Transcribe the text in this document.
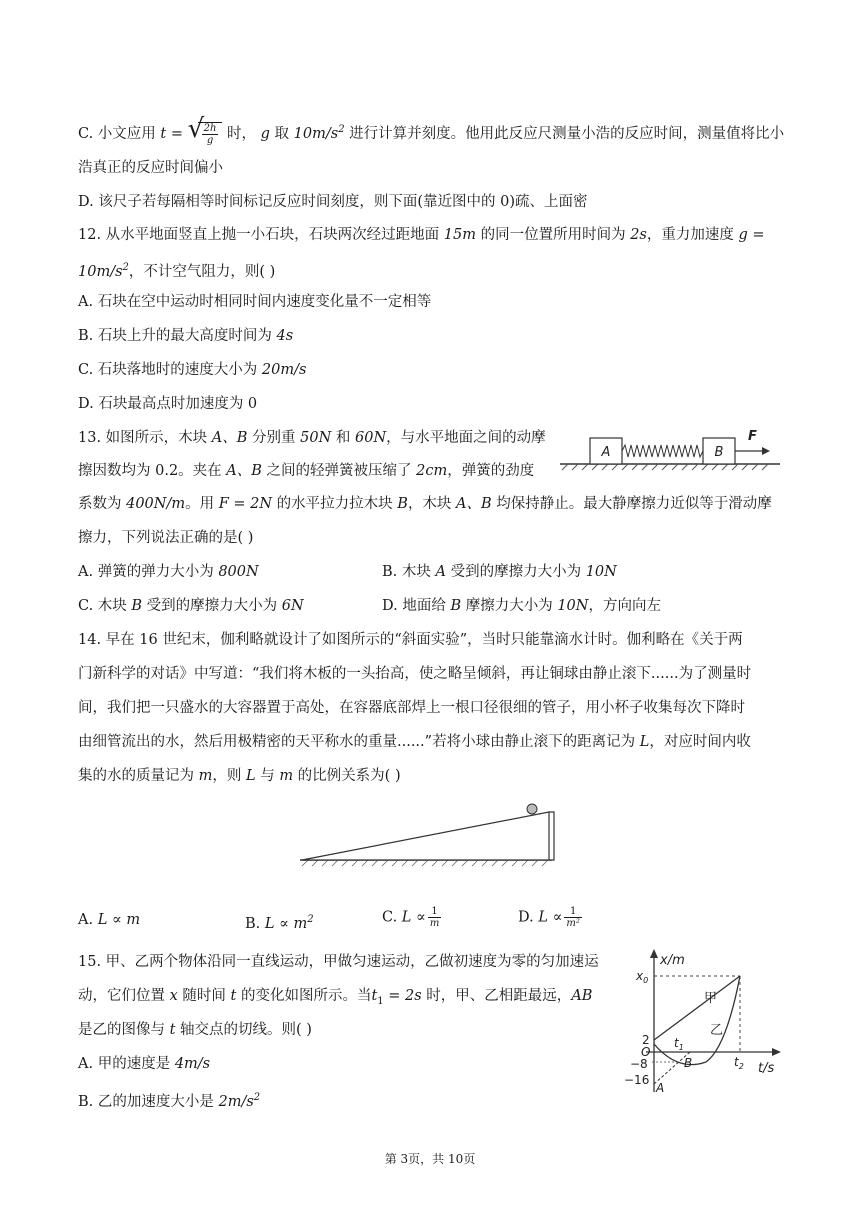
C. 小文应用 t = √
$\frac{2h}{g}$ 时， g 取 $10m/s^2$ 进行计算并刻度。他用此反应尺测量小浩的反应时间，测量值将比小
浩真正的反应时间偏小
D. 该尺子若每隔相等时间标记反应时间刻度，则下面(靠近图中的 0)疏、上面密
12. 从水平地面竖直上抛一小石块，石块两次经过距地面 15m 的同一位置所用时间为 2s，重力加速度 g =
$10m/s^2$，不计空气阻力，则( )
A. 石块在空中运动时相同时间内速度变化量不一定相等
B. 石块上升的最大高度时间为 4s
C. 石块落地时的速度大小为 20m/s
D. 石块最高点时加速度为 0
13. 如图所示，木块 A、B 分别重 50N 和 60N，与水平地面之间的动摩
擦因数均为 0.2。夹在 A、B 之间的轻弹簧被压缩了 2cm，弹簧的劲度
系数为 400N/m。用 F = 2N 的水平拉力拉木块 B，木块 A、B 均保持静止。最大静摩擦力近似等于滑动摩
擦力，下列说法正确的是( )
A. 弹簧的弹力大小为 800N	B. 木块 A 受到的摩擦力大小为 10N
C. 木块 B 受到的摩擦力大小为 6N	D. 地面给 B 摩擦力大小为 10N，方向向左
A	B
F
14. 早在 16 世纪末，伽利略就设计了如图所示的“斜面实验”，当时只能靠滴水计时。伽利略在《关于两
门新科学的对话》中写道：“我们将木板的一头抬高，使之略呈倾斜，再让铜球由静止滚下......为了测量时
间，我们把一只盛水的大容器置于高处，在容器底部焊上一根口径很细的管子，用小杯子收集每次下降时
由细管流出的水，然后用极精密的天平称水的重量......”若将小球由静止滚下的距离记为 L，对应时间内收
集的水的质量记为 m，则 L 与 m 的比例关系为( )
A. L ∝ m	B. $L \propto m^2$	C. $L \propto \frac{1}{m}$	D. $L \propto \frac{1}{\text{m²}}$
15. 甲、乙两个物体沿同一直线运动，甲做匀速运动，乙做初速度为零的匀加速运
动，它们位置 x 随时间 t 的变化如图所示。当$t_1 = 2s$ 时，甲、乙相距最远，AB
是乙的图像与 t 轴交点的切线。则( )
A. 甲的速度是 4m/s
B. 乙的加速度大小是 $2m/s^2$
x/m
t/s
$x_0$
甲
乙
2
O
−8
−16
$t_1$
$t_2$
B
A
第 3页，共 10页
